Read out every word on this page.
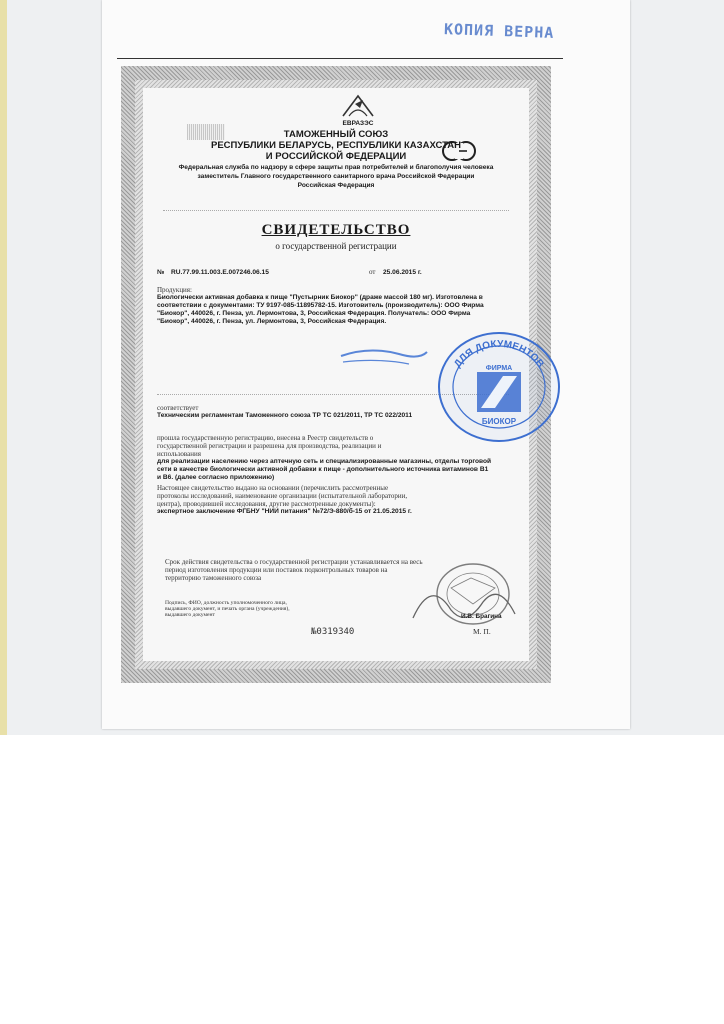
КОПИЯ ВЕРНА
ЕВРАЗЭС
ТАМОЖЕННЫЙ СОЮЗ
РЕСПУБЛИКИ БЕЛАРУСЬ, РЕСПУБЛИКИ КАЗАХСТАН
И РОССИЙСКОЙ ФЕДЕРАЦИИ
Федеральная служба по надзору в сфере защиты прав потребителей и благополучия человека
заместитель Главного государственного санитарного врача Российской Федерации
Российская Федерация
СВИДЕТЕЛЬСТВО
о государственной регистрации
№ RU.77.99.11.003.E.007246.06.15	от 25.06.2015 г.
Продукция:
Биологически активная добавка к пище "Пустырник Биокор" (драже массой 180 мг). Изготовлена в
соответствии с документами: ТУ 9197-085-11895782-15. Изготовитель (производитель): ООО Фирма
"Биокор", 440026, г. Пенза, ул. Лермонтова, 3, Российская Федерация. Получатель: ООО Фирма
"Биокор", 440026, г. Пенза, ул. Лермонтова, 3, Российская Федерация.
соответствует
Техническим регламентам Таможенного союза ТР ТС 021/2011, ТР ТС 022/2011
прошла государственную регистрацию, внесена в Реестр свидетельств о
государственной регистрации и разрешена для производства, реализации и
использования
для реализации населению через аптечную сеть и специализированные магазины, отделы торговой
сети в качестве биологически активной добавки к пище - дополнительного источника витаминов В1
и В6. (далее согласно приложению)
Настоящее свидетельство выдано на основании (перечислить рассмотренные
протоколы исследований, наименование организации (испытательной лаборатории,
центра), проводившей исследования, другие рассмотренные документы):
экспертное заключение ФГБНУ "НИИ питания" №72/Э-880/б-15 от 21.05.2015 г.
Срок действия свидетельства о государственной регистрации устанавливается на весь
период изготовления продукции или поставок подконтрольных товаров на
территорию таможенного союза
Подпись, ФИО, должность уполномоченного лица,
выдавшего документ, и печать органа (учреждения),
выдавшего документ	И.В. Брагина
№0319340	М. П.
ДЛЯ ДОКУМЕНТОВ
ФИРМА
БИОКОР
